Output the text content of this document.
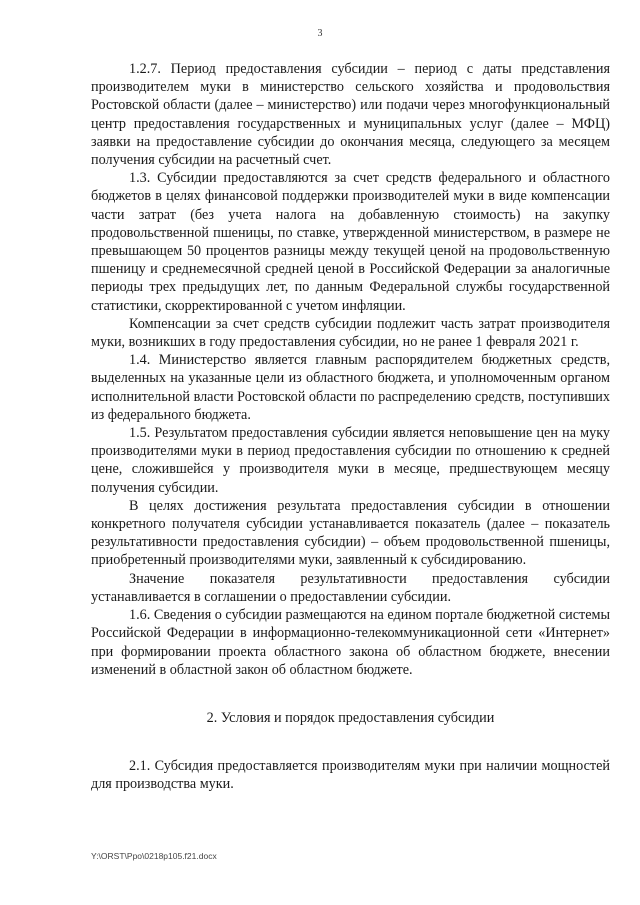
3

1.2.7. Период предоставления субсидии – период с даты представления производителем муки в министерство сельского хозяйства и продовольствия Ростовской области (далее – министерство) или подачи через многофункциональный центр предоставления государственных и муниципальных услуг (далее – МФЦ) заявки на предоставление субсидии до окончания месяца, следующего за месяцем получения субсидии на расчетный счет.

1.3. Субсидии предоставляются за счет средств федерального и областного бюджетов в целях финансовой поддержки производителей муки в виде компенсации части затрат (без учета налога на добавленную стоимость) на закупку продовольственной пшеницы, по ставке, утвержденной министерством, в размере не превышающем 50 процентов разницы между текущей ценой на продовольственную пшеницу и среднемесячной средней ценой в Российской Федерации за аналогичные периоды трех предыдущих лет, по данным Федеральной службы государственной статистики, скорректированной с учетом инфляции.

Компенсации за счет средств субсидии подлежит часть затрат производителя муки, возникших в году предоставления субсидии, но не ранее 1 февраля 2021 г.

1.4. Министерство является главным распорядителем бюджетных средств, выделенных на указанные цели из областного бюджета, и уполномоченным органом исполнительной власти Ростовской области по распределению средств, поступивших из федерального бюджета.

1.5. Результатом предоставления субсидии является неповышение цен на муку производителями муки в период предоставления субсидии по отношению к средней цене, сложившейся у производителя муки в месяце, предшествующем месяцу получения субсидии.

В целях достижения результата предоставления субсидии в отношении конкретного получателя субсидии устанавливается показатель (далее – показатель результативности предоставления субсидии) – объем продовольственной пшеницы, приобретенный производителями муки, заявленный к субсидированию.

Значение показателя результативности предоставления субсидии устанавливается в соглашении о предоставлении субсидии.

1.6. Сведения о субсидии размещаются на едином портале бюджетной системы Российской Федерации в информационно-телекоммуникационной сети «Интернет» при формировании проекта областного закона об областном бюджете, внесении изменений в областной закон об областном бюджете.

2. Условия и порядок предоставления субсидии

2.1. Субсидия предоставляется производителям муки при наличии мощностей для производства муки.

Y:\ORST\Ppo\0218p105.f21.docx
